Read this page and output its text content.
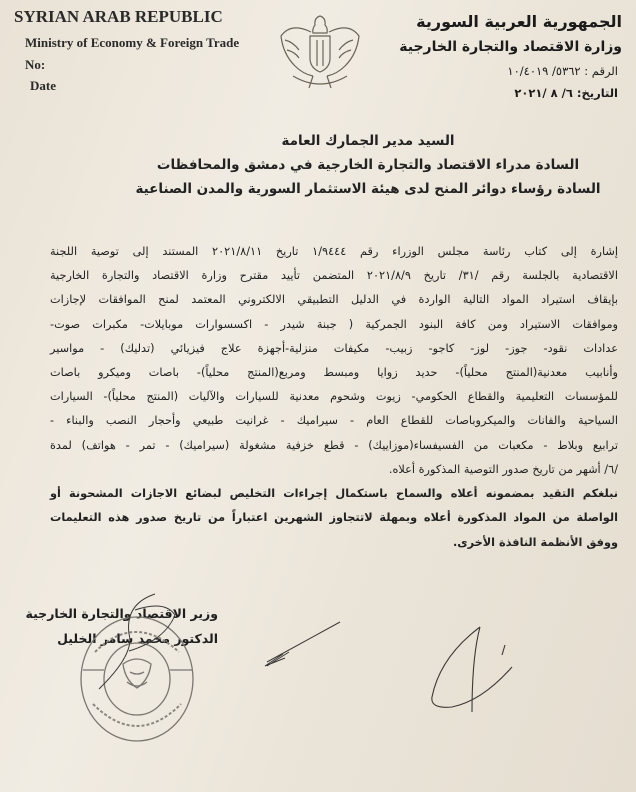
SYRIAN ARAB REPUBLIC
Ministry of Economy & Foreign Trade
No:
Date
الجمهورية العربية السورية
وزارة الاقتصاد والتجارة الخارجية
الرقم : ٥٣٦٢/ ١٠/٤٠١٩
التاريخ: ٦/ ٨ /٢٠٢١
السيد مدير الجمارك العامة
السادة مدراء الاقتصاد والتجارة الخارجية في دمشق والمحافظات
السادة رؤساء دوائر المنح لدى هيئة الاستثمار السورية والمدن الصناعية
إشارة إلى كتاب رئاسة مجلس الوزراء رقم ١/٩٤٤٤ تاريخ ٢٠٢١/٨/١١ المستند إلى توصية اللجنة
الاقتصادية بالجلسة رقم /٣١/ تاريخ ٢٠٢١/٨/٩ المتضمن تأييد مقترح وزارة الاقتصاد والتجارة الخارجية
بإيقاف استيراد المواد التالية الواردة في الدليل التطبيقي الالكتروني المعتمد لمنح الموافقات لإجازات
وموافقات الاستيراد ومن كافة البنود الجمركية ( جبنة شيدر - اكسسوارات موبايلات- مكبرات صوت-
عدادات نقود- جوز- لوز- كاجو- زبيب- مكيفات منزلية-أجهزة علاج فيزيائي (تدليك) - مواسير
وأنابيب معدنية(المنتج محلياً)- حديد زوايا ومبسط ومربع(المنتج محلياً)- باصات وميكرو باصات
للمؤسسات التعليمية والقطاع الحكومي- زيوت وشحوم معدنية للسيارات والآليات (المنتج محلياً)- السيارات
السياحية والفانات والميكروباصات للقطاع العام - سيراميك - غرانيت طبيعي وأحجار النصب والبناء -
ترابيع وبلاط - مكعبات من الفسيفساء(موزاييك) - قطع خزفية مشغولة (سيراميك) - تمر - هواتف) لمدة
/٦/ أشهر من تاريخ صدور التوصية المذكورة أعلاه.
نبلغكم التقيد بمضمونه أعلاه والسماح باستكمال إجراءات التخليص لبضائع الاجازات المشحونة أو
الواصلة من المواد المذكورة أعلاه وبمهلة لاتتجاوز الشهرين اعتباراً من تاريخ صدور هذه التعليمات
ووفق الأنظمة النافذة الأخرى.
وزير الاقتصاد والتجارة الخارجية
الدكتور محمد سامر الخليل
